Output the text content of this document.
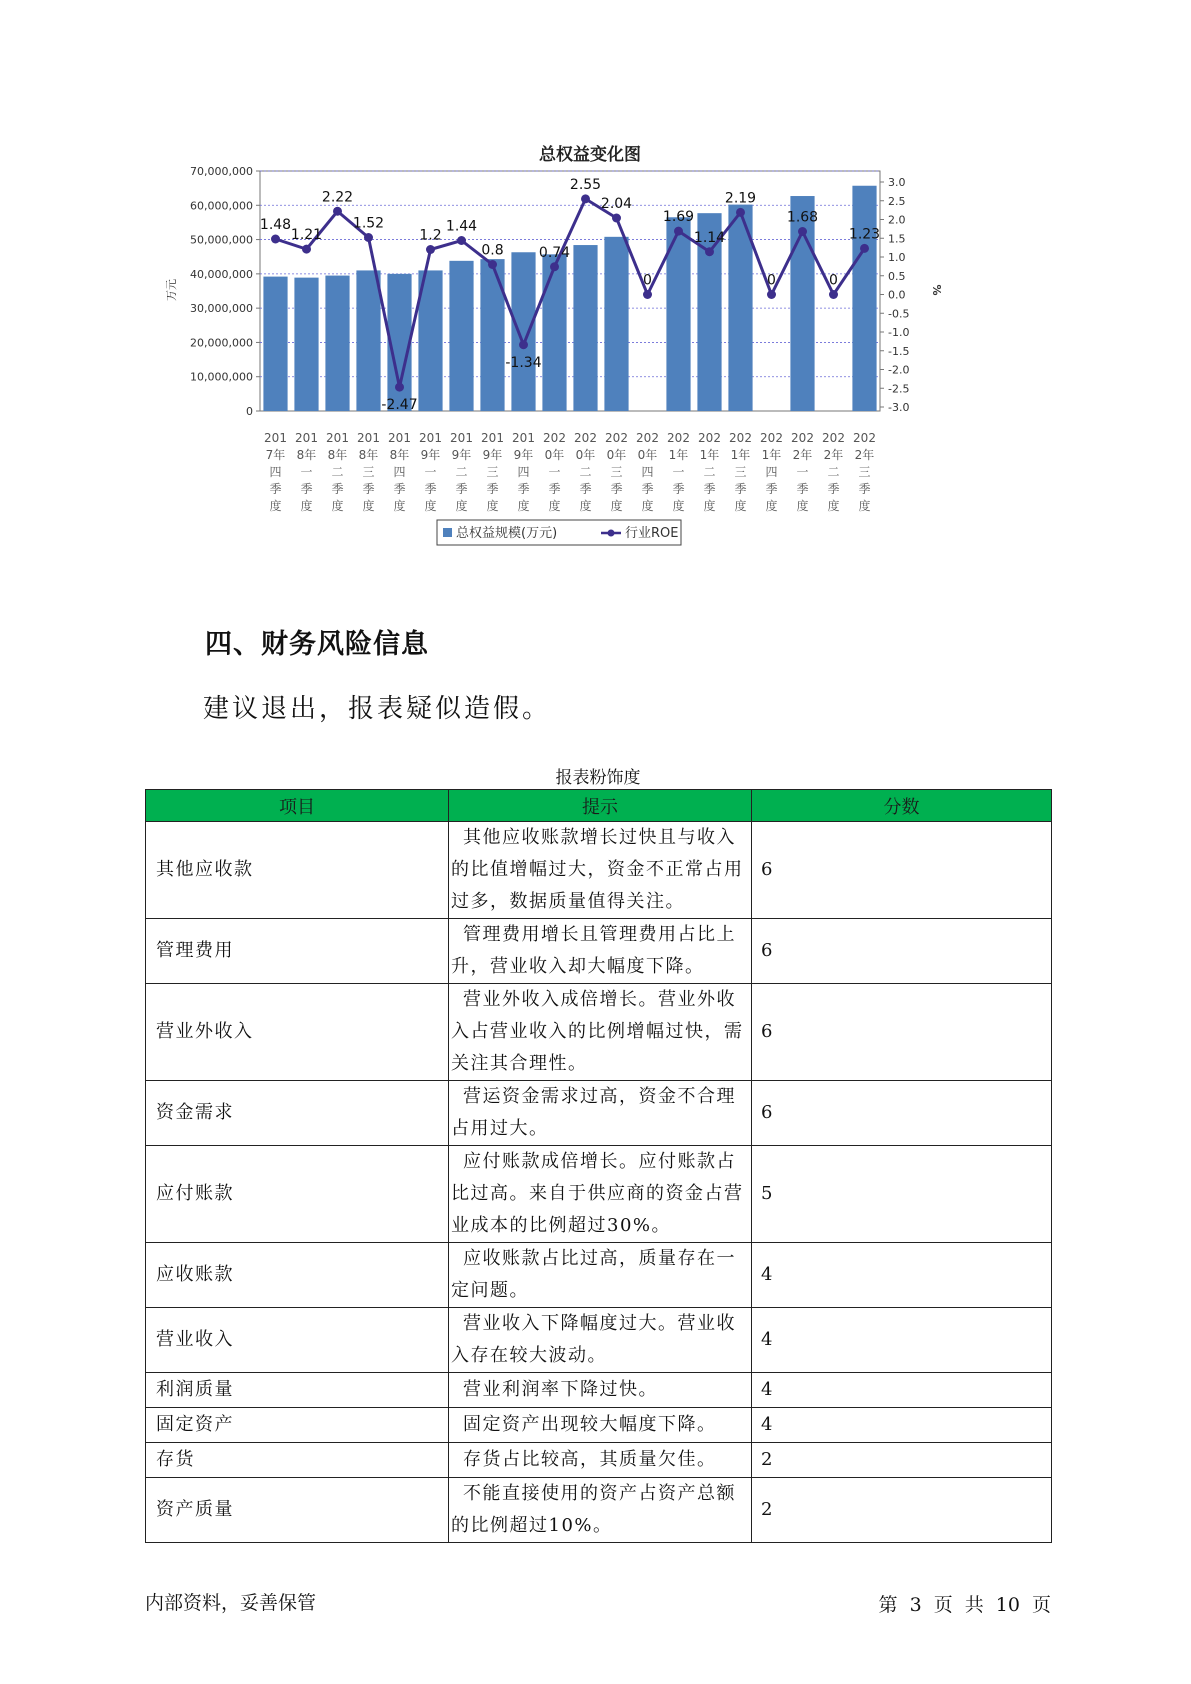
总权益变化图
0
10,000,000
20,000,000
30,000,000
40,000,000
50,000,000
60,000,000
70,000,000
3.0
2.5
2.0
1.5
1.0
0.5
0.0
-0.5
-1.0
-1.5
-2.0
-2.5
-3.0
万元	%
1.48
1.21
2.22
1.52
-2.47
1.2
1.44
0.8
-1.34
0.74
2.55
2.04
0
1.69
1.14
2.19
0
1.68
0
1.23
201
7年
四
季
度
201
8年
一
季
度
201
8年
二
季
度
201
8年
三
季
度
201
8年
四
季
度
201
9年
一
季
度
201
9年
二
季
度
201
9年
三
季
度
201
9年
四
季
度
202
0年
一
季
度
202
0年
二
季
度
202
0年
三
季
度
202
0年
四
季
度
202
1年
一
季
度
202
1年
二
季
度
202
1年
三
季
度
202
1年
四
季
度
202
2年
一
季
度
202
2年
二
季
度
202
2年
三
季
度
总权益规模(万元)	行业ROE
四、财务风险信息

建议退出，报表疑似造假。

报表粉饰度
项目	提示	分数
其他应收款	其他应收账款增长过快且与收入的比值增幅过大，资金不正常占用过多，数据质量值得关注。	6
管理费用	管理费用增长且管理费用占比上升，营业收入却大幅度下降。	6
营业外收入	营业外收入成倍增长。营业外收入占营业收入的比例增幅过快，需关注其合理性。	6
资金需求	营运资金需求过高，资金不合理占用过大。	6
应付账款	应付账款成倍增长。应付账款占比过高。来自于供应商的资金占营业成本的比例超过30%。	5
应收账款	应收账款占比过高，质量存在一定问题。	4
营业收入	营业收入下降幅度过大。营业收入存在较大波动。	4
利润质量	营业利润率下降过快。	4
固定资产	固定资产出现较大幅度下降。	4
存货	存货占比较高，其质量欠佳。	2
资产质量	不能直接使用的资产占资产总额的比例超过10%。	2
内部资料，妥善保管	第 3 页 共 10 页
